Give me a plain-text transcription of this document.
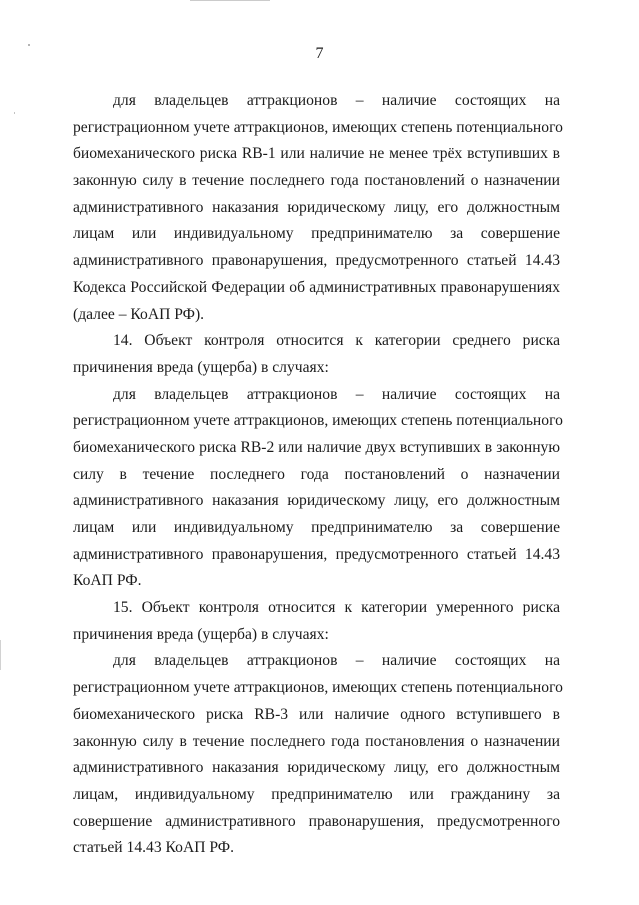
7

для владельцев аттракционов – наличие состоящих на
регистрационном учете аттракционов, имеющих степень потенциального
биомеханического риска RB-1 или наличие не менее трёх вступивших в
законную силу в течение последнего года постановлений о назначении
административного наказания юридическому лицу, его должностным
лицам или индивидуальному предпринимателю за совершение
административного правонарушения, предусмотренного статьей 14.43
Кодекса Российской Федерации об административных правонарушениях
(далее – КоАП РФ).

14. Объект контроля относится к категории среднего риска
причинения вреда (ущерба) в случаях:

для владельцев аттракционов – наличие состоящих на
регистрационном учете аттракционов, имеющих степень потенциального
биомеханического риска RB-2 или наличие двух вступивших в законную
силу в течение последнего года постановлений о назначении
административного наказания юридическому лицу, его должностным
лицам или индивидуальному предпринимателю за совершение
административного правонарушения, предусмотренного статьей 14.43
КоАП РФ.

15. Объект контроля относится к категории умеренного риска
причинения вреда (ущерба) в случаях:

для владельцев аттракционов – наличие состоящих на
регистрационном учете аттракционов, имеющих степень потенциального
биомеханического риска RB-3 или наличие одного вступившего в
законную силу в течение последнего года постановления о назначении
административного наказания юридическому лицу, его должностным
лицам, индивидуальному предпринимателю или гражданину за
совершение административного правонарушения, предусмотренного
статьей 14.43 КоАП РФ.
